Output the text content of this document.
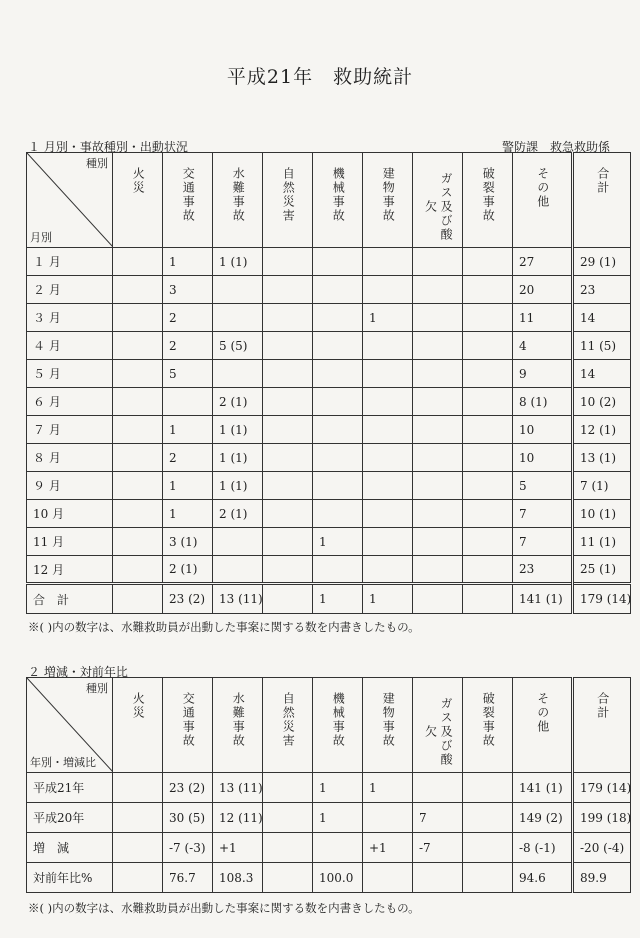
平成21年　救助統計
１ 月別・事故種別・出動状況	警防課　救急救助係
種別
月別	火災	交通事故	水難事故	自然災害	機械事故	建物事故	ガス及び酸欠	破裂事故	その他	合計

１ 月		1	1 (1)						27	29 (1)
２ 月		3							20	23
３ 月		2				1			11	14
４ 月		2	5 (5)						4	11 (5)
５ 月		5							9	14
６ 月			2 (1)						8 (1)	10 (2)
７ 月		1	1 (1)						10	12 (1)
８ 月		2	1 (1)						10	13 (1)
９ 月		1	1 (1)						5	7 (1)
10 月		1	2 (1)						7	10 (1)
11 月		3 (1)			1				7	11 (1)
12 月		2 (1)							23	25 (1)
合　計		23 (2)	13 (11)		1	1			141 (1)	179 (14)
※( )内の数字は、水難救助員が出動した事案に関する数を内書きしたもの。
２ 増減・対前年比
種別
年別・増減比	火災	交通事故	水難事故	自然災害	機械事故	建物事故	ガス及び酸欠	破裂事故	その他	合計

平成21年		23 (2)	13 (11)		1	1			141 (1)	179 (14)
平成20年		30 (5)	12 (11)		1		7		149 (2)	199 (18)
増　減		-7 (-3)	+1			+1	-7		-8 (-1)	-20 (-4)
対前年比%		76.7	108.3		100.0				94.6	89.9
※( )内の数字は、水難救助員が出動した事案に関する数を内書きしたもの。
